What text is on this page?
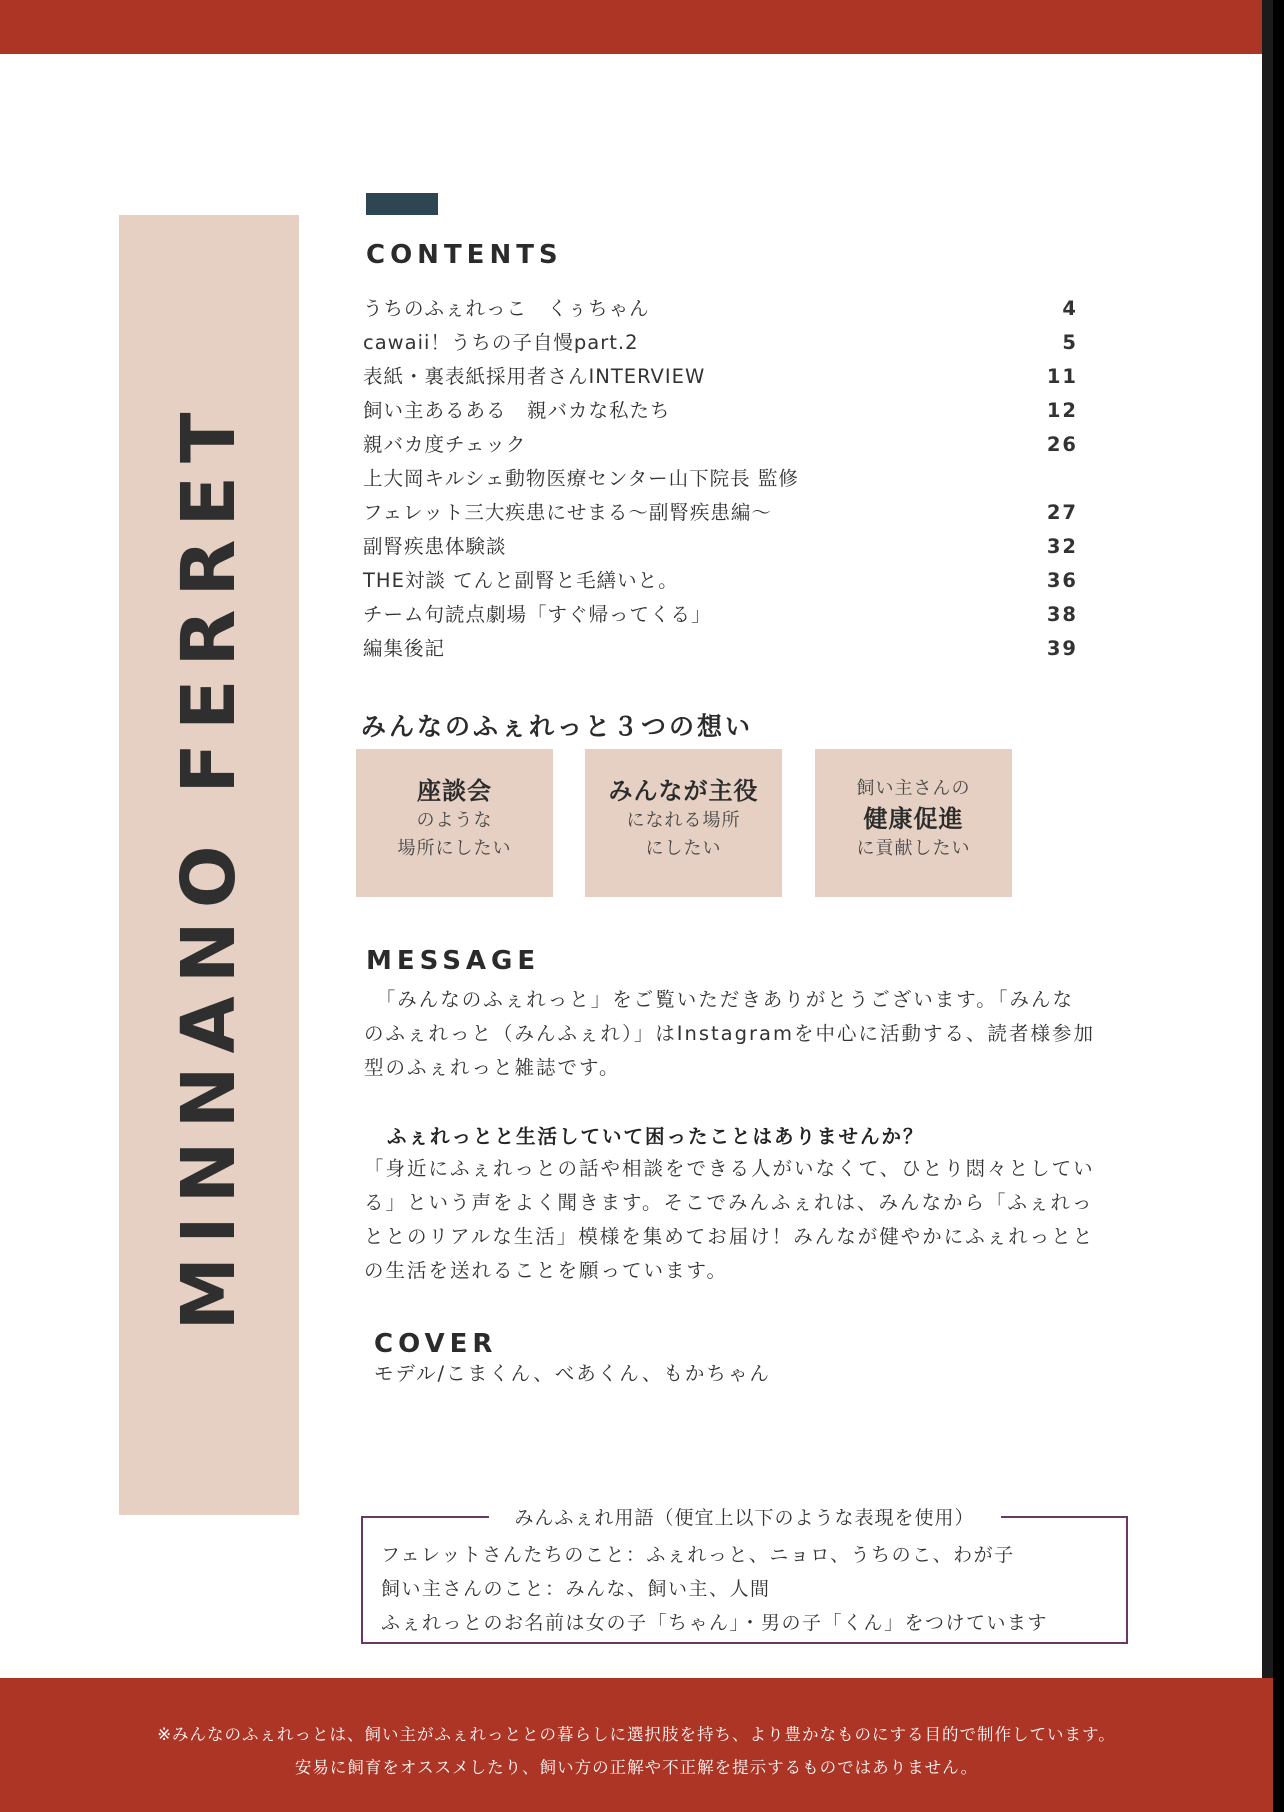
MINNANO FERRET
CONTENTS
うちのふぇれっこ　くぅちゃん	4
cawaii！うちの子自慢part.2	5
表紙・裏表紙採用者さんINTERVIEW	11
飼い主あるある　親バカな私たち	12
親バカ度チェック	26
上大岡キルシェ動物医療センター山下院長 監修
フェレット三大疾患にせまる～副腎疾患編～	27
副腎疾患体験談	32
THE対談 てんと副腎と毛繕いと。	36
チーム句読点劇場「すぐ帰ってくる」	38
編集後記	39
みんなのふぇれっと３つの想い
座談会
のような
場所にしたい
みんなが主役
になれる場所
にしたい
飼い主さんの
健康促進
に貢献したい
MESSAGE
　「みんなのふぇれっと」をご覧いただきありがとうございます。「みんな
のふぇれっと（みんふぇれ）」はInstagramを中心に活動する、読者様参加
型のふぇれっと雑誌です。
ふぇれっとと生活していて困ったことはありませんか？
「身近にふぇれっとの話や相談をできる人がいなくて、ひとり悶々としてい
る」という声をよく聞きます。そこでみんふぇれは、みんなから「ふぇれっ
ととのリアルな生活」模様を集めてお届け！みんなが健やかにふぇれっとと
の生活を送れることを願っています。
COVER
モデル/こまくん、べあくん、もかちゃん
みんふぇれ用語（便宜上以下のような表現を使用）
フェレットさんたちのこと：ふぇれっと、ニョロ、うちのこ、わが子
飼い主さんのこと：みんな、飼い主、人間
ふぇれっとのお名前は女の子「ちゃん」・男の子「くん」をつけています
※みんなのふぇれっとは、飼い主がふぇれっととの暮らしに選択肢を持ち、より豊かなものにする目的で制作しています。
安易に飼育をオススメしたり、飼い方の正解や不正解を提示するものではありません。
